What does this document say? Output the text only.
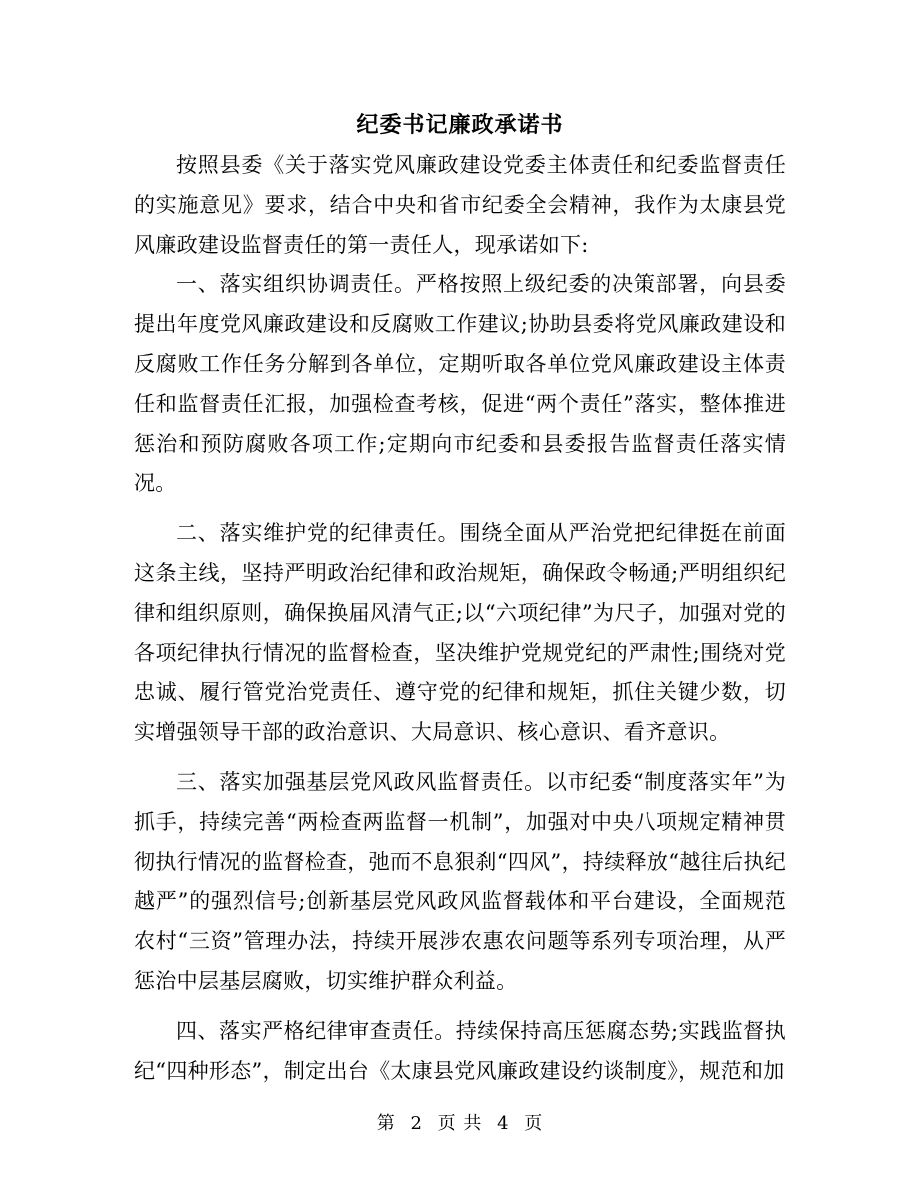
纪委书记廉政承诺书

按照县委《关于落实党风廉政建设党委主体责任和纪委监督责任的实施意见》要求，结合中央和省市纪委全会精神，我作为太康县党风廉政建设监督责任的第一责任人，现承诺如下:

一、落实组织协调责任。严格按照上级纪委的决策部署，向县委提出年度党风廉政建设和反腐败工作建议;协助县委将党风廉政建设和反腐败工作任务分解到各单位，定期听取各单位党风廉政建设主体责任和监督责任汇报，加强检查考核，促进“两个责任”落实，整体推进惩治和预防腐败各项工作;定期向市纪委和县委报告监督责任落实情况。

二、落实维护党的纪律责任。围绕全面从严治党把纪律挺在前面这条主线，坚持严明政治纪律和政治规矩，确保政令畅通;严明组织纪律和组织原则，确保换届风清气正;以“六项纪律”为尺子，加强对党的各项纪律执行情况的监督检查，坚决维护党规党纪的严肃性;围绕对党忠诚、履行管党治党责任、遵守党的纪律和规矩，抓住关键少数，切实增强领导干部的政治意识、大局意识、核心意识、看齐意识。

三、落实加强基层党风政风监督责任。以市纪委“制度落实年”为抓手，持续完善“两检查两监督一机制”，加强对中央八项规定精神贯彻执行情况的监督检查，弛而不息狠刹“四风”，持续释放“越往后执纪越严”的强烈信号;创新基层党风政风监督载体和平台建设，全面规范农村“三资”管理办法，持续开展涉农惠农问题等系列专项治理，从严惩治中层基层腐败，切实维护群众利益。

四、落实严格纪律审查责任。持续保持高压惩腐态势;实践监督执纪“四种形态”，制定出台《太康县党风廉政建设约谈制度》，规范和加

第 2 页 共 4 页
